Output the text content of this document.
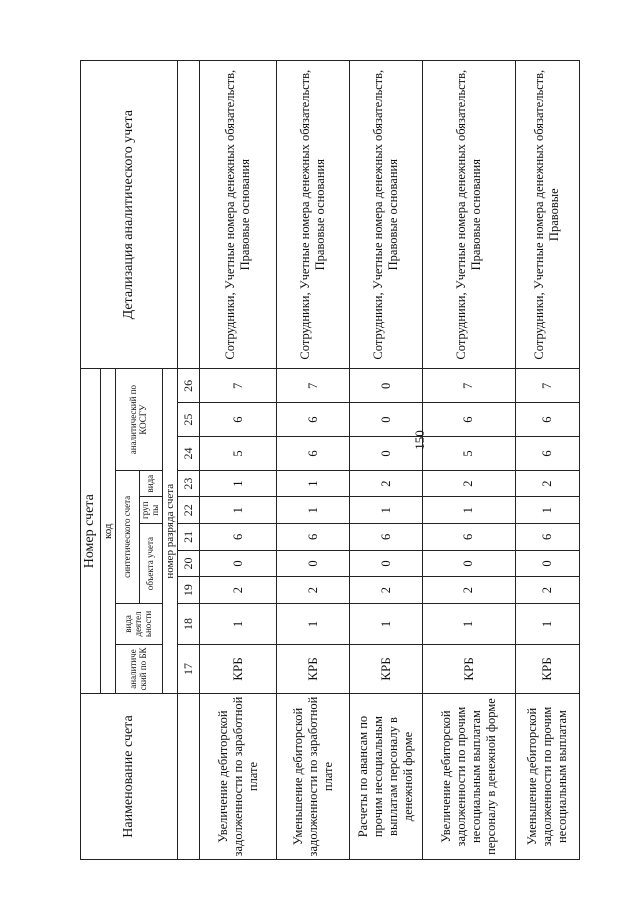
150
Наименование счета	Номер счета										Детализация аналитического учета
	код										
	аналитиче ский по БК	вида деятел ьности	синтетического счета					аналитический по КОСГУ			
			объекта учета			груп пы	вида				
	номер разряда счета										
	17	18	19	20	21	22	23	24	25	26	
Увеличение дебиторской задолженности по заработной плате	КРБ	1	2	0	6	1	1	5	6	7	Сотрудники, Учетные номера денежных обязательств, Правовые основания
Уменьшение дебиторской задолженности по заработной плате	КРБ	1	2	0	6	1	1	6	6	7	Сотрудники, Учетные номера денежных обязательств, Правовые основания
Расчеты по авансам по прочим несоциальным выплатам персоналу в денежной форме	КРБ	1	2	0	6	1	2	0	0	0	Сотрудники, Учетные номера денежных обязательств, Правовые основания
Увеличение дебиторской задолженности по прочим несоциальным выплатам персоналу в денежной форме	КРБ	1	2	0	6	1	2	5	6	7	Сотрудники, Учетные номера денежных обязательств, Правовые основания
Уменьшение дебиторской задолженности по прочим несоциальным выплатам	КРБ	1	2	0	6	1	2	6	6	7	Сотрудники, Учетные номера денежных обязательств, Правовые
